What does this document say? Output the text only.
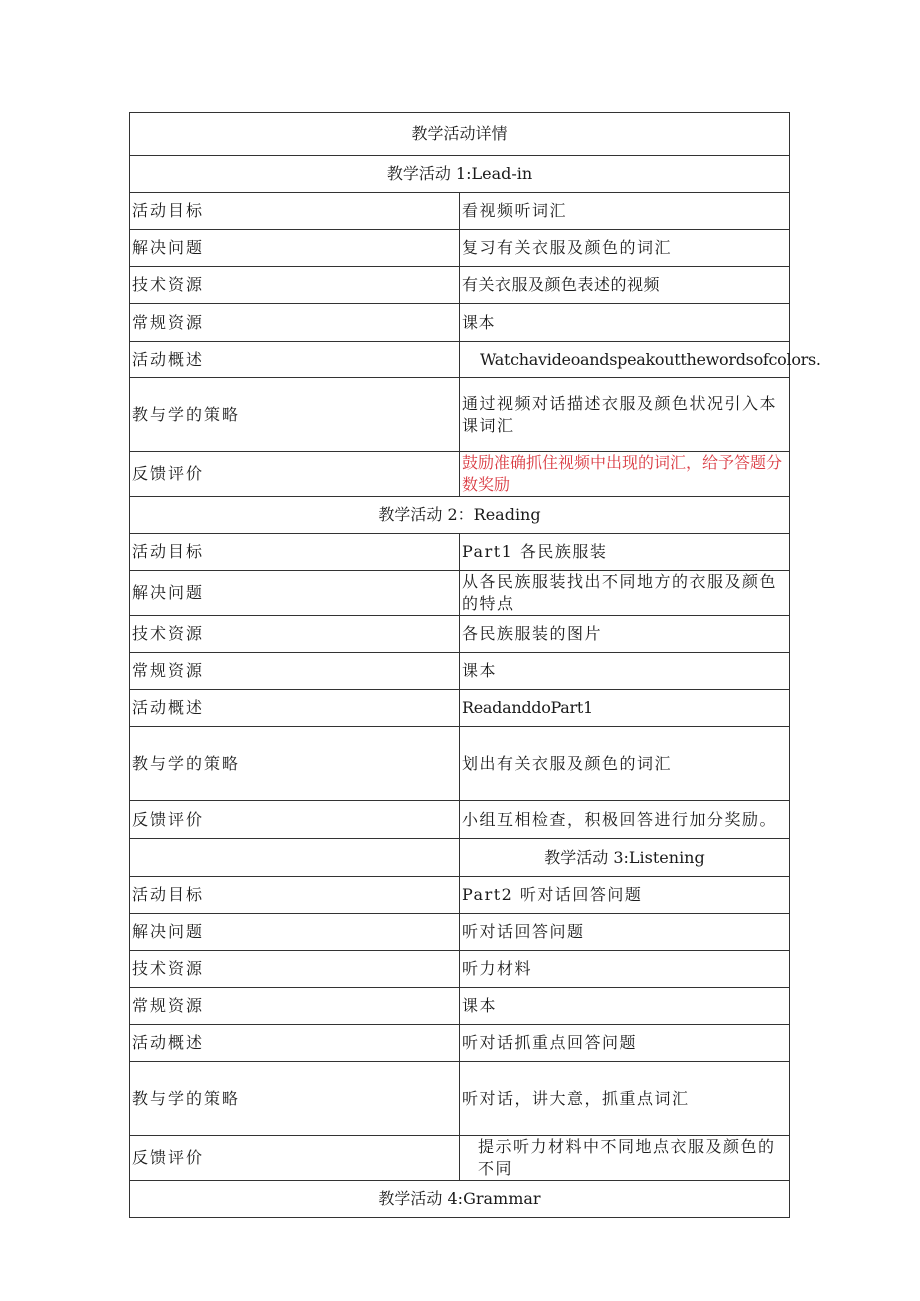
教学活动详情	
教学活动 1:Lead-in	
活动目标	看视频听词汇
解决问题	复习有关衣服及颜色的词汇
技术资源	有关衣服及颜色表述的视频
常规资源	课本
活动概述	Watchavideoandspeakoutthewordsofcolors.
教与学的策略	通过视频对话描述衣服及颜色状况引入本课词汇
反馈评价	鼓励准确抓住视频中出现的词汇，给予答题分数奖励
教学活动 2：Reading	
活动目标	Part1 各民族服装
解决问题	从各民族服装找出不同地方的衣服及颜色的特点
技术资源	各民族服装的图片
常规资源	课本
活动概述	ReadanddoPart1
教与学的策略	划出有关衣服及颜色的词汇
反馈评价	小组互相检查，积极回答进行加分奖励。
	教学活动 3:Listening
活动目标	Part2 听对话回答问题
解决问题	听对话回答问题
技术资源	听力材料
常规资源	课本
活动概述	听对话抓重点回答问题
教与学的策略	听对话，讲大意，抓重点词汇
反馈评价	提示听力材料中不同地点衣服及颜色的不同
教学活动 4:Grammar	
